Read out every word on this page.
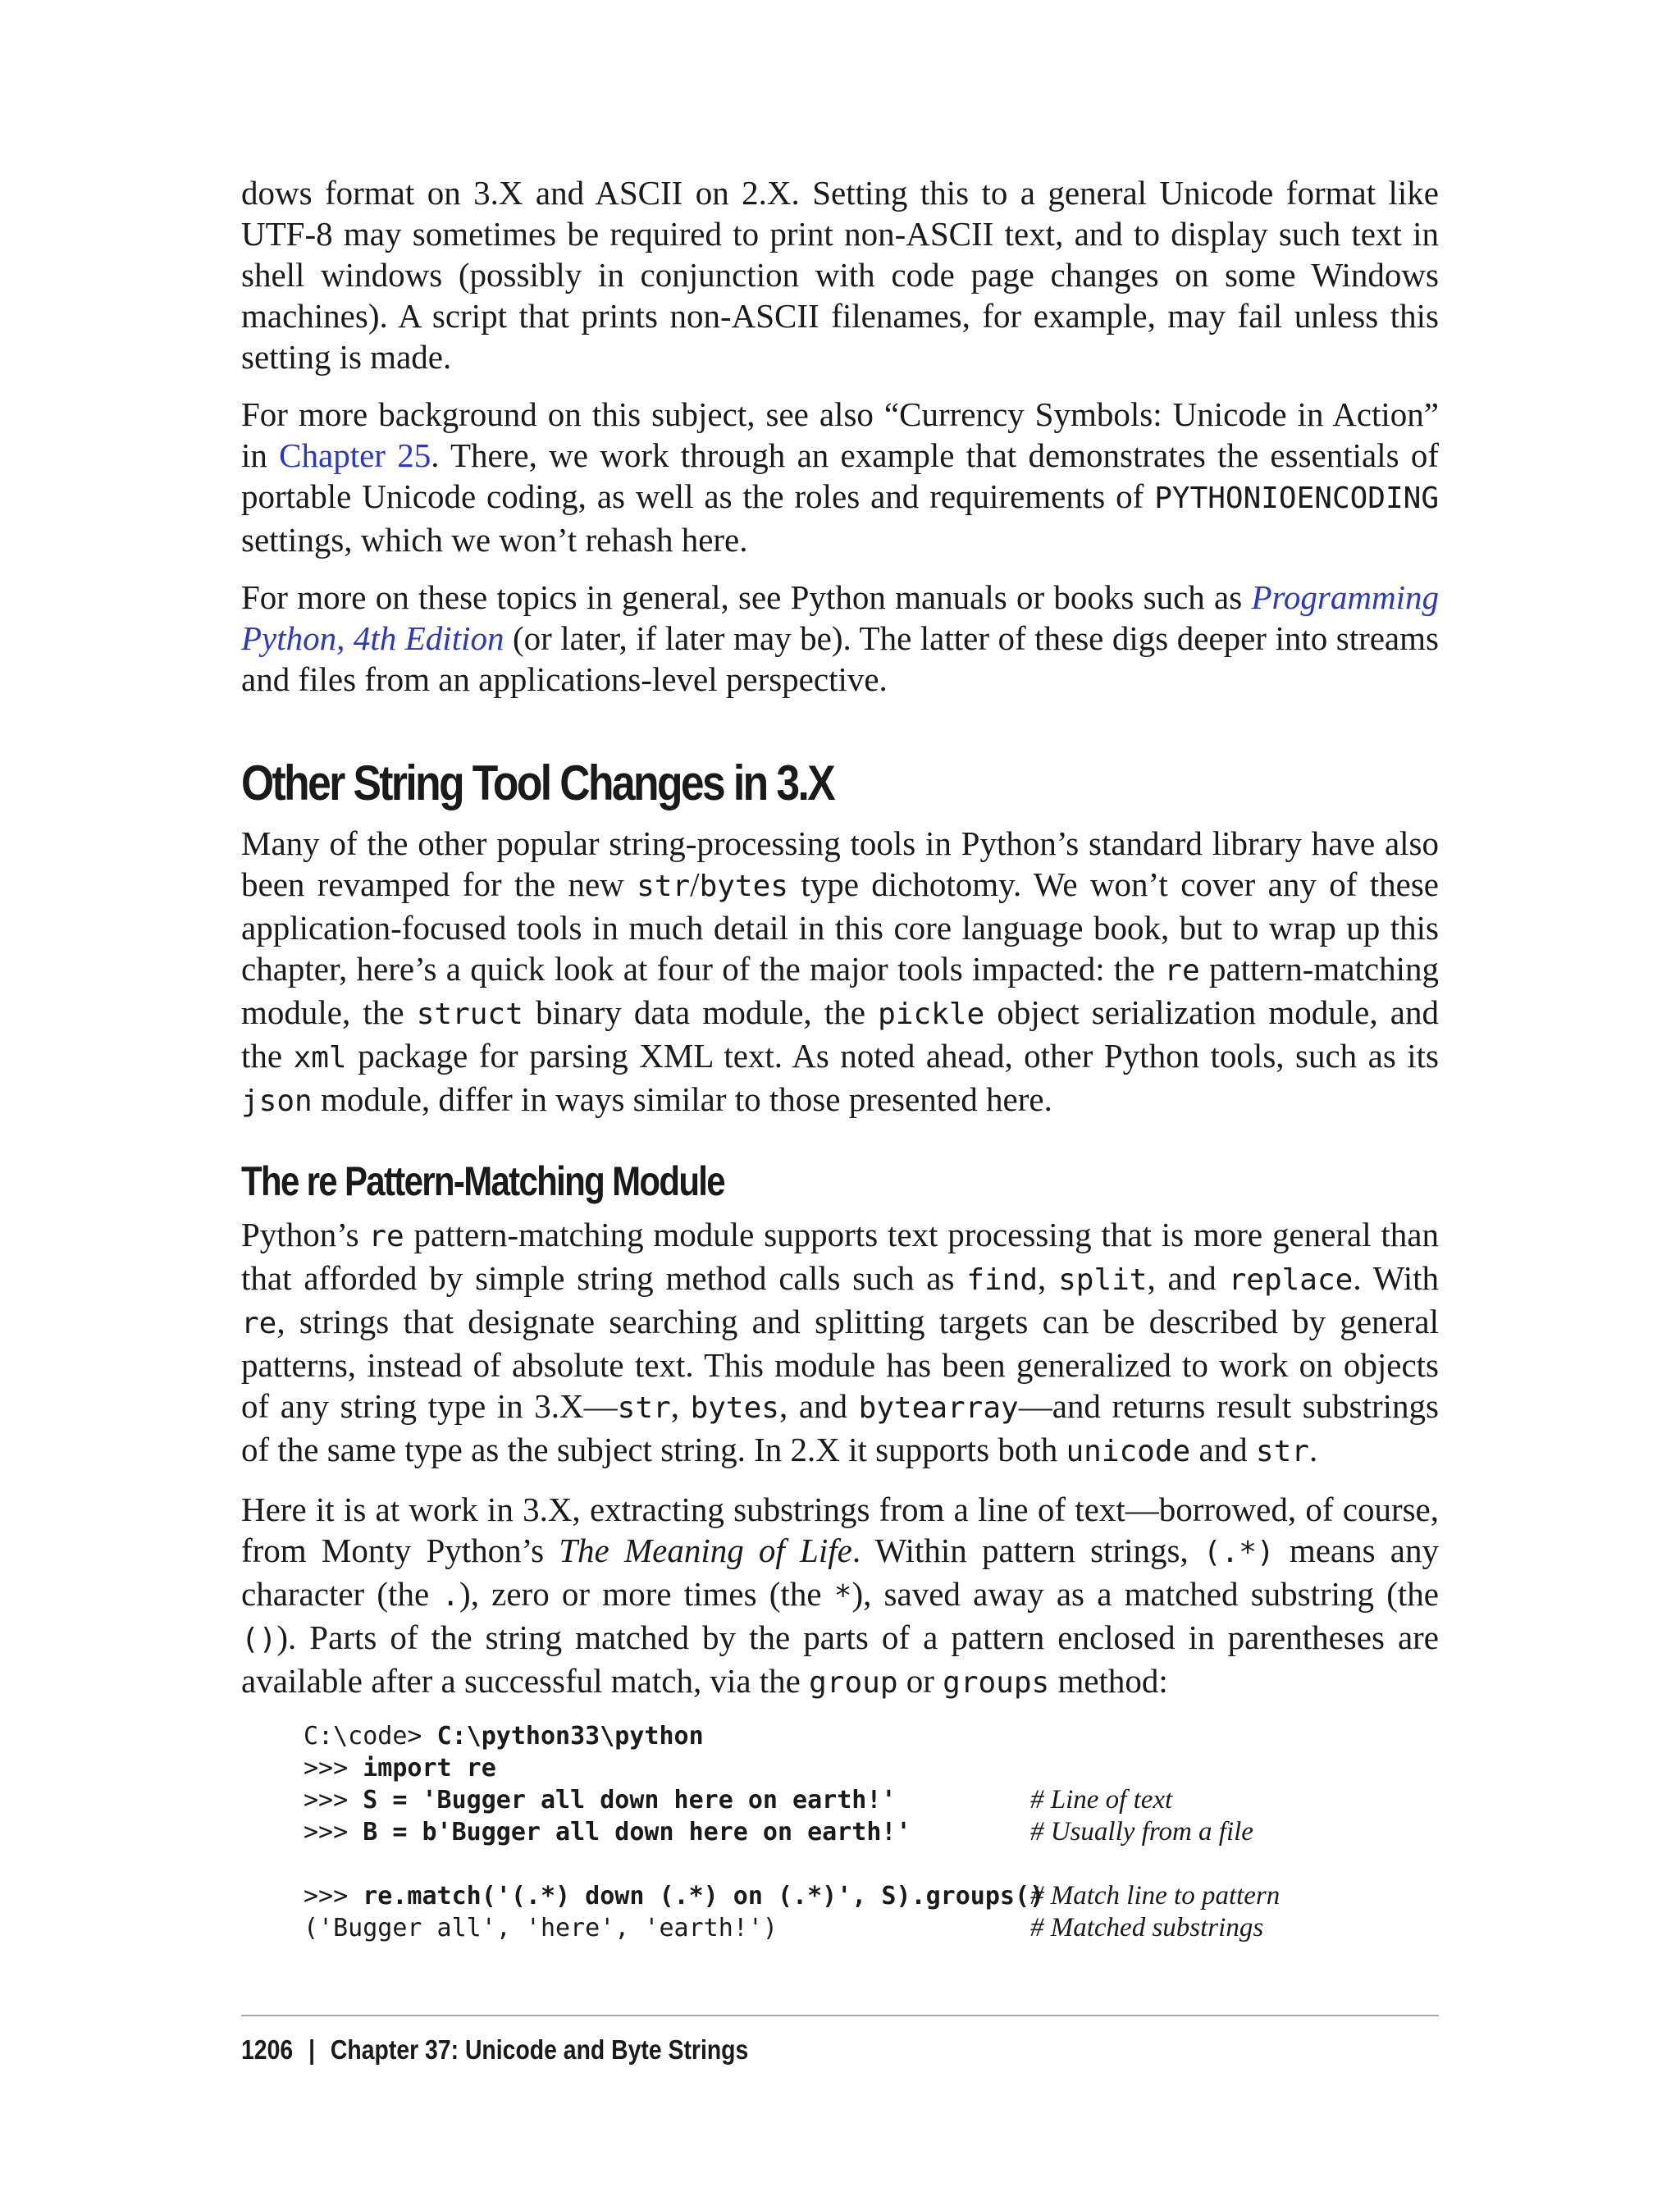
dows format on 3.X and ASCII on 2.X. Setting this to a general Unicode format like UTF-8 may sometimes be required to print non-ASCII text, and to display such text in shell windows (possibly in conjunction with code page changes on some Windows machines). A script that prints non-ASCII filenames, for example, may fail unless this setting is made.

For more background on this subject, see also “Currency Symbols: Unicode in Action” in Chapter 25. There, we work through an example that demonstrates the essentials of portable Unicode coding, as well as the roles and requirements of PYTHONIOENCODING settings, which we won’t rehash here.

For more on these topics in general, see Python manuals or books such as Programming Python, 4th Edition (or later, if later may be). The latter of these digs deeper into streams and files from an applications-level perspective.

Other String Tool Changes in 3.X

Many of the other popular string-processing tools in Python’s standard library have also been revamped for the new str/bytes type dichotomy. We won’t cover any of these application-focused tools in much detail in this core language book, but to wrap up this chapter, here’s a quick look at four of the major tools impacted: the re pattern-matching module, the struct binary data module, the pickle object serialization module, and the xml package for parsing XML text. As noted ahead, other Python tools, such as its json module, differ in ways similar to those presented here.

The re Pattern-Matching Module

Python’s re pattern-matching module supports text processing that is more general than that afforded by simple string method calls such as find, split, and replace. With re, strings that designate searching and splitting targets can be described by general patterns, instead of absolute text. This module has been generalized to work on objects of any string type in 3.X—str, bytes, and bytearray—and returns result substrings of the same type as the subject string. In 2.X it supports both unicode and str.

Here it is at work in 3.X, extracting substrings from a line of text—borrowed, of course, from Monty Python’s The Meaning of Life. Within pattern strings, (.*) means any character (the .), zero or more times (the *), saved away as a matched substring (the ()). Parts of the string matched by the parts of a pattern enclosed in parentheses are available after a successful match, via the group or groups method:

C:\code> C:\python33\python
>>> import re
>>> S = 'Bugger all down here on earth!'	# Line of text
>>> B = b'Bugger all down here on earth!'	# Usually from a file
>>> re.match('(.*) down (.*) on (.*)', S).groups()
# Match line to pattern
('Bugger all', 'here', 'earth!')	# Matched substrings
1206 | Chapter 37: Unicode and Byte Strings
